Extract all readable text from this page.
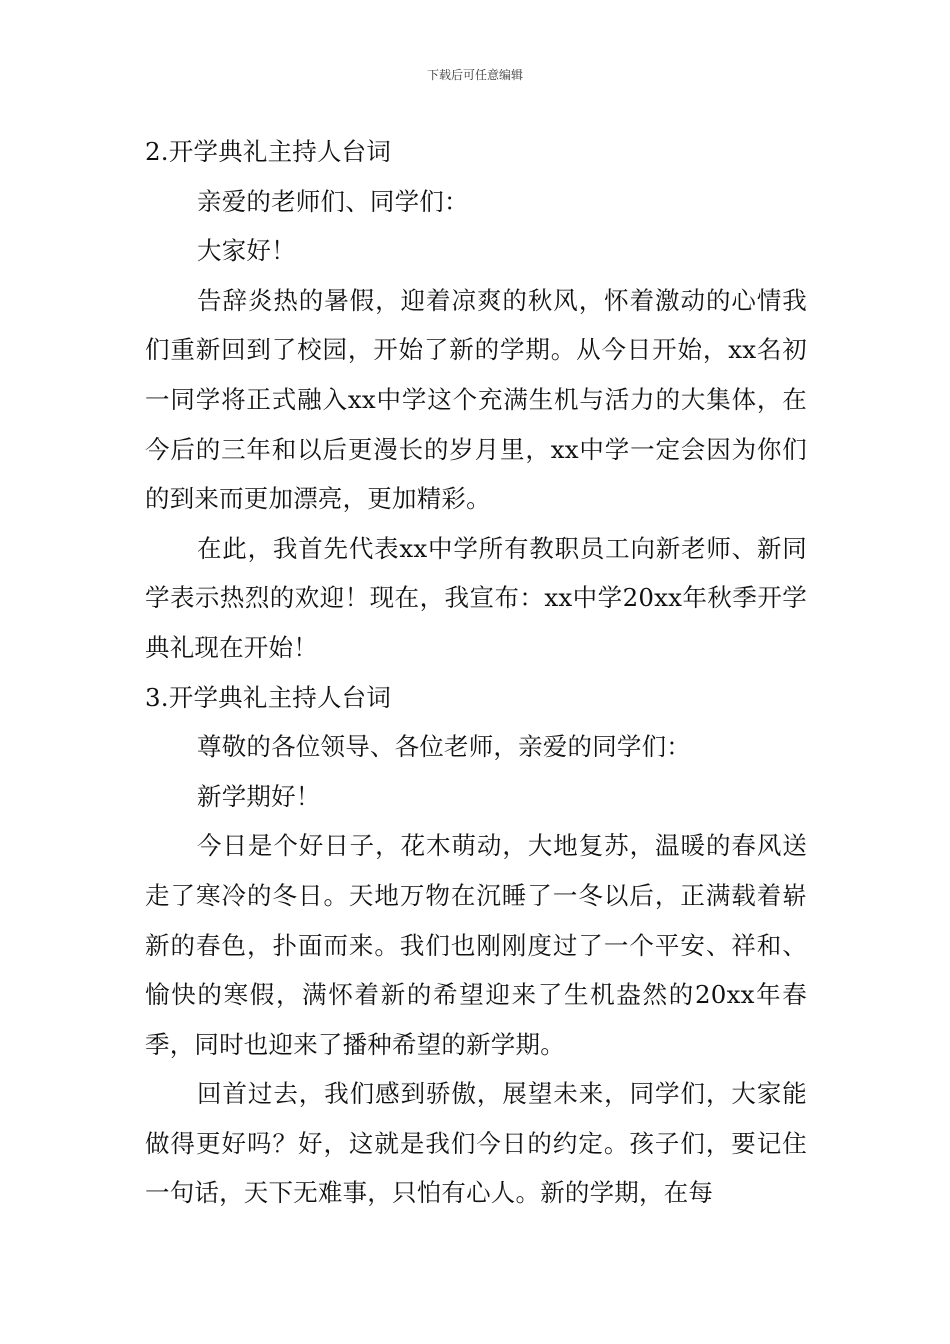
下载后可任意编辑

2.开学典礼主持人台词

亲爱的老师们、同学们：

大家好！

告辞炎热的暑假，迎着凉爽的秋风，怀着激动的心情我们重新回到了校园，开始了新的学期。从今日开始，xx名初一同学将正式融入xx中学这个充满生机与活力的大集体，在今后的三年和以后更漫长的岁月里，xx中学一定会因为你们的到来而更加漂亮，更加精彩。

在此，我首先代表xx中学所有教职员工向新老师、新同学表示热烈的欢迎！现在，我宣布：xx中学20xx年秋季开学典礼现在开始！

3.开学典礼主持人台词

尊敬的各位领导、各位老师，亲爱的同学们：

新学期好！

今日是个好日子，花木萌动，大地复苏，温暖的春风送走了寒冷的冬日。天地万物在沉睡了一冬以后，正满载着崭新的春色，扑面而来。我们也刚刚度过了一个平安、祥和、愉快的寒假，满怀着新的希望迎来了生机盎然的20xx年春季，同时也迎来了播种希望的新学期。

回首过去，我们感到骄傲，展望未来，同学们，大家能做得更好吗？好，这就是我们今日的约定。孩子们，要记住一句话，天下无难事，只怕有心人。新的学期，在每
